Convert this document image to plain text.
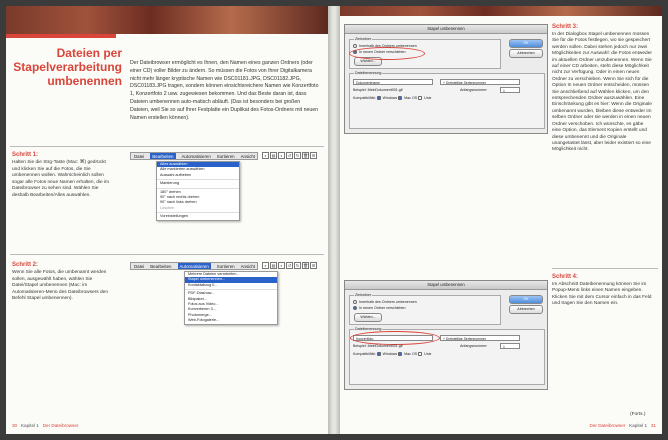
Dateien per
Stapelverarbeitung
umbenennen
Der Dateibrowser ermöglicht es Ihnen, den Namen eines ganzen Ordners (oder einer CD) voller Bilder zu ändern. So müssen die Fotos von Ihrer Digitalkamera nicht mehr länger kryptische Namen wie DSC01181.JPG, DSC01182.JPG, DSC01183.JPG tragen, sondern können einsichtsreichere Namen wie Konzertfoto 1, Konzertfoto 2 usw. zugewiesen bekommen. Und das Beste daran ist, dass Dateien umbenennen auto-matisch abläuft. (Das ist besonders bei großen Dateien, weil Sie so auf Ihrer Festplatte ein Duplikat des Fotos-Ordners mit neuen Namen erstellen können).
Schritt 1:
Halten Sie die Strg-Taste (Mac: ⌘) gedrückt und klicken Sie auf die Fotos, die Sie umbenennen wollen. Wahrscheinlich sollen sogar alle Fotos neue Namen erhalten, die im Dateibrowser zu sehen sind. Wählen Sie deshalb Bearbeiten/Alles auswählen.
Datei	Bearbeiten	Automatisieren Sortieren Ansicht	⌕	▤	◐	↺	↻ 🗑 ☰
Alles auswählen
Alle markierten auswählen
Auswahl aufheben
Markierung
180° drehen
90° nach rechts drehen
90° nach links drehen
Löschen
Voreinstellungen
Schritt 2:
Wenn Sie alle Fotos, die umbenannt werden sollen, ausgewählt haben, wählen Sie Datei/Stapel umbenennen (Mac: im Automatisieren-Menü des Dateibrowsers den Befehl Stapel umbenennen).
Datei Bearbeiten	Automatisieren	Sortieren Ansicht	⌕	▤	◐	↺	↻ 🗑 ☰
Mehrere Dateien verarbeiten...
Stapel umbenennen...
Kontaktabzug II...
PDF-Diashow...
Bildpaket...
Fotos aus Video...
Konvertieren 3...
Photomerge...
Web-Fotogalerie...
30 Kapitel 1 Der Dateibrowser
Stapel umbenennen
Zielordner
Innerhalb des Ordners umbenennen
In neuen Ordner verschieben
Wählen...
OK
Abbrechen
Dateibenennung
Dokumentname	+ Dreistellige Seriennummer
Beispiel: MeinDokument001.gif	Anfangsnummer:	1
Kompatibilität: Windows Mac OS Unix
Stapel umbenennen
Zielordner
Innerhalb des Ordners umbenennen
In neuen Ordner verschieben
Wählen...
OK
Abbrechen
Dateibenennung
Konzertfoto	+ Dreistellige Seriennummer
Beispiel: MeinDokument001.gif	Anfangsnummer:	1
Kompatibilität: Windows Mac OS Unix
Schritt 3:
In der Dialogbox Stapel umbenennen müssen Sie für die Fotos festlegen, wo sie gespeichert werden sollen. Dabei stehen jedoch nur zwei Möglichkeiten zur Auswahl: die Fotos entweder im aktuellen Ordner umzubenennen. Wenn Sie auf einer CD arbeiten, steht diese Möglichkeit nicht zur Verfügung. Oder in einen neuen Ordner zu verschieben. Wenn Sie sich für die Option In neuen Ordner entscheiden, müssen Sie anschließend auf Wählen klicken, um den entsprechenden Ordner auszuwählen. Eine Einschränkung gibt es hier: Wenn die Originale umbenannt wurden, bleiben diese entweder im selben Ordner oder sie werden in einen neuen Ordner verschoben. Ich wünschte, es gäbe eine Option, das Element Kopien erstellt und diese umbenennt und die Originale unangetastet lässt, aber leider existiert so eine Möglichkeit nicht.
Schritt 4:
Im Abschnitt Dateibenennung können Sie im Popup-Menü links einen Namen eingeben. Klicken Sie mit dem Cursor einfach in das Feld und tragen Sie den Namen ein.
(Forts.)
Der Dateibrowser Kapitel 1 31
